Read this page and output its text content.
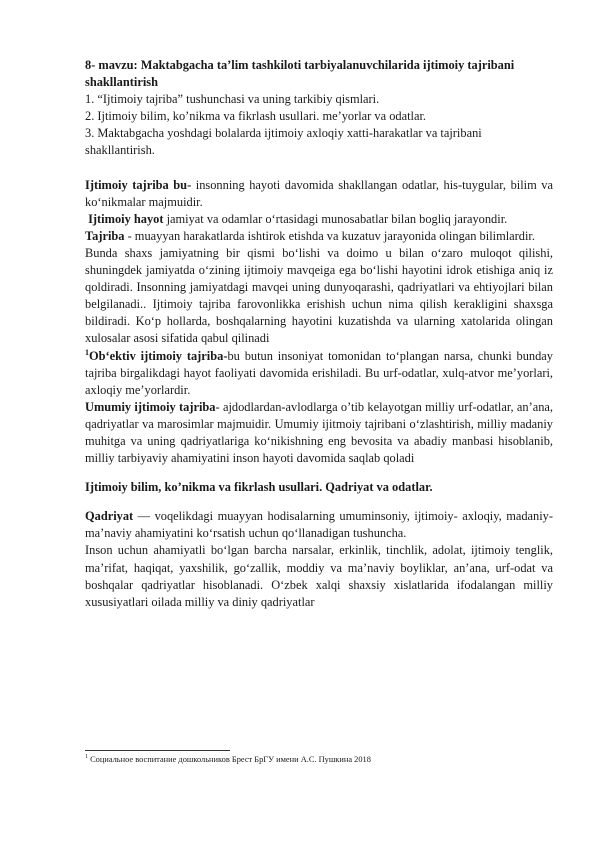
8- mavzu: Maktabgacha ta’lim tashkiloti tarbiyalanuvchilarida ijtimoiy tajribani shakllantirish

1. “Ijtimoiy tajriba” tushunchasi va uning tarkibiy qismlari.

2. Ijtimoiy bilim, ko’nikma va fikrlash usullari. me’yorlar va odatlar.

3. Maktabgacha yoshdagi bolalarda ijtimoiy axloqiy xatti-harakatlar va tajribani shakllantirish.

Ijtimoiy tajriba bu- insonning hayoti davomida shakllangan odatlar, his-tuygular, bilim va ko‘nikmalar majmuidir.

Ijtimoiy hayot jamiyat va odamlar o‘rtasidagi munosabatlar bilan bogliq jarayondir.

Tajriba - muayyan harakatlarda ishtirok etishda va kuzatuv jarayonida olingan bilimlardir.

Bunda shaxs jamiyatning bir qismi bo‘lishi va doimo u bilan o‘zaro muloqot qilishi, shuningdek jamiyatda o‘zining ijtimoiy mavqeiga ega bo‘lishi hayotini idrok etishiga aniq iz qoldiradi. Insonning jamiyatdagi mavqei uning dunyoqarashi, qadriyatlari va ehtiyojlari bilan belgilanadi.. Ijtimoiy tajriba farovonlikka erishish uchun nima qilish kerakligini shaxsga bildiradi. Ko‘p hollarda, boshqalarning hayotini kuzatishda va ularning xatolarida olingan xulosalar asosi sifatida qabul qilinadi

$^1$Ob‘ektiv ijtimoiy tajriba-bu butun insoniyat tomonidan to‘plangan narsa, chunki bunday tajriba birgalikdagi hayot faoliyati davomida erishiladi. Bu urf-odatlar, xulq-atvor me’yorlari, axloqiy me’yorlardir.

Umumiy ijtimoiy tajriba- ajdodlardan-avlodlarga o’tib kelayotgan milliy urf-odatlar, an’ana, qadriyatlar va marosimlar majmuidir. Umumiy ijitmoiy tajribani o‘zlashtirish, milliy madaniy muhitga va uning qadriyatlariga ko‘nikishning eng bevosita va abadiy manbasi hisoblanib, milliy tarbiyaviy ahamiyatini inson hayoti davomida saqlab qoladi

Ijtimoiy bilim, ko’nikma va fikrlash usullari. Qadriyat va odatlar.

Qadriyat — voqelikdagi muayyan hodisalarning umuminsoniy, ijtimoiy- axloqiy, madaniy- ma’naviy ahamiyatini ko‘rsatish uchun qo‘llanadigan tushuncha.

Inson uchun ahamiyatli bo‘lgan barcha narsalar, erkinlik, tinchlik, adolat, ijtimoiy tenglik, ma’rifat, haqiqat, yaxshilik, go‘zallik, moddiy va ma’naviy boyliklar, an’ana, urf-odat va boshqalar qadriyatlar hisoblanadi. O‘zbek xalqi shaxsiy xislatlarida ifodalangan milliy xususiyatlari oilada milliy va diniy qadriyatlar

$^1$ Социальное воспитание дошкольников Брест БрГУ имени А.С. Пушкина 2018
